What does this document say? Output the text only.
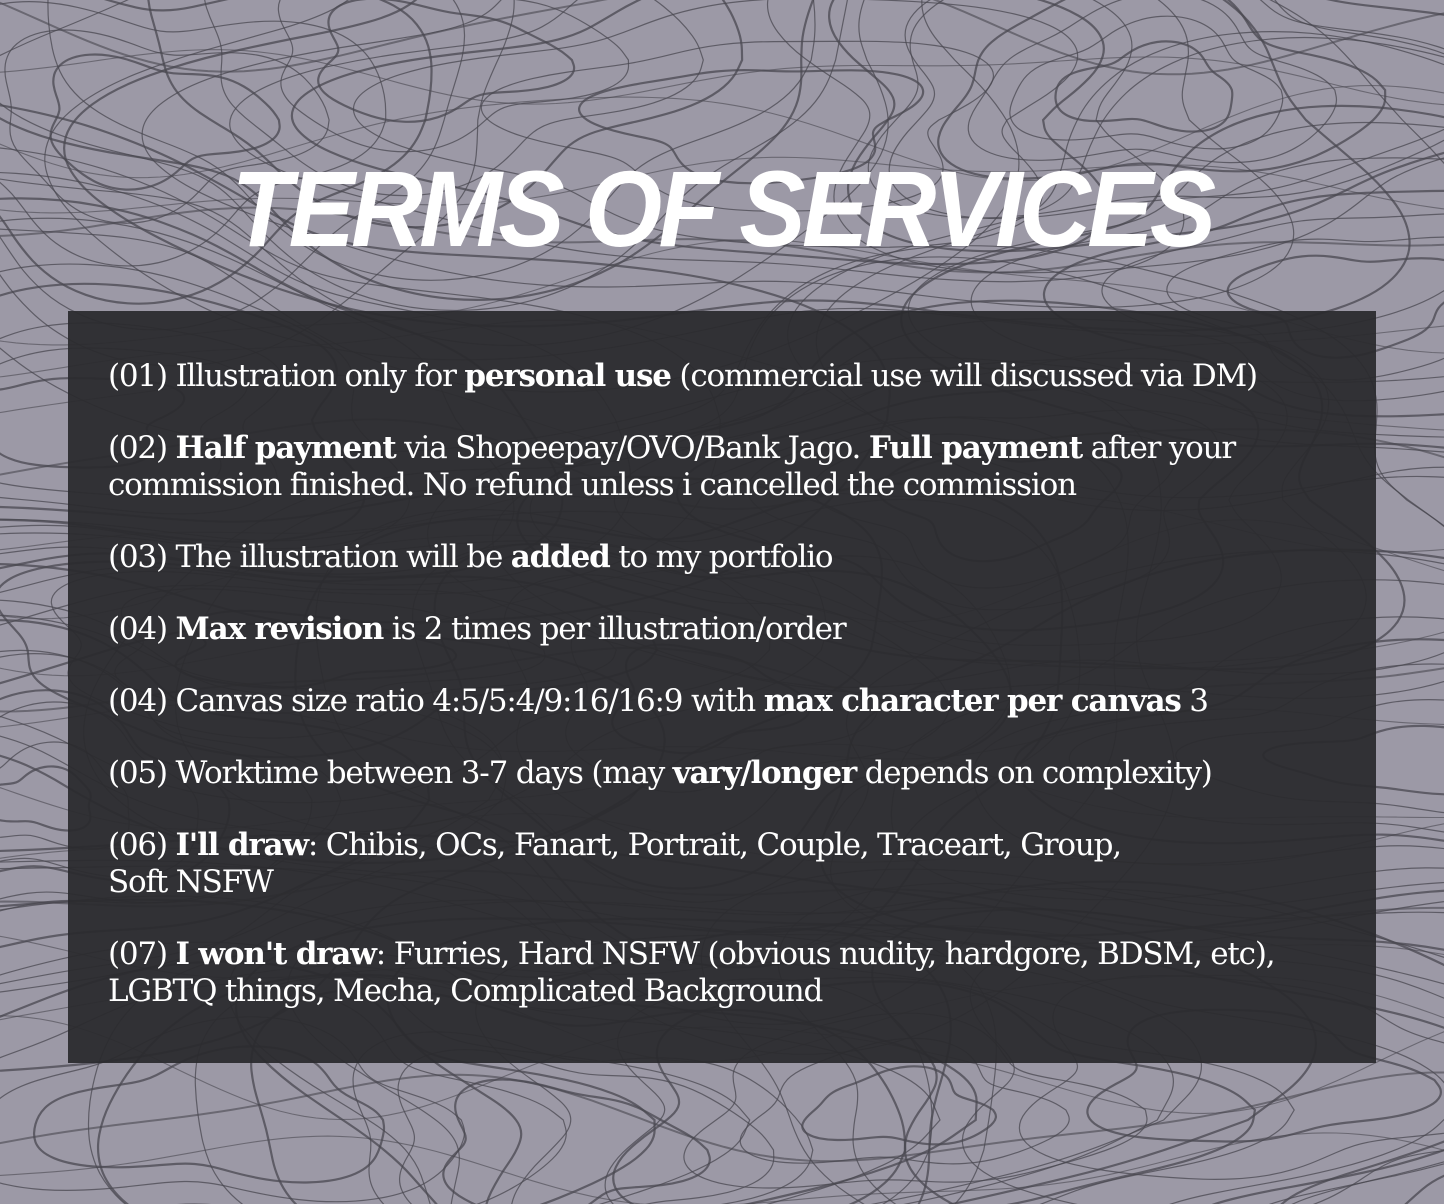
TERMS OF SERVICES
(01) Illustration only for personal use (commercial use will discussed via DM)
(02) Half payment via Shopeepay/OVO/Bank Jago. Full payment after your
commission finished. No refund unless i cancelled the commission
(03) The illustration will be added to my portfolio
(04) Max revision is 2 times per illustration/order
(04) Canvas size ratio 4:5/5:4/9:16/16:9 with max character per canvas 3
(05) Worktime between 3-7 days (may vary/longer depends on complexity)
(06) I'll draw: Chibis, OCs, Fanart, Portrait, Couple, Traceart, Group,
Soft NSFW
(07) I won't draw: Furries, Hard NSFW (obvious nudity, hardgore, BDSM, etc),
LGBTQ things, Mecha, Complicated Background
